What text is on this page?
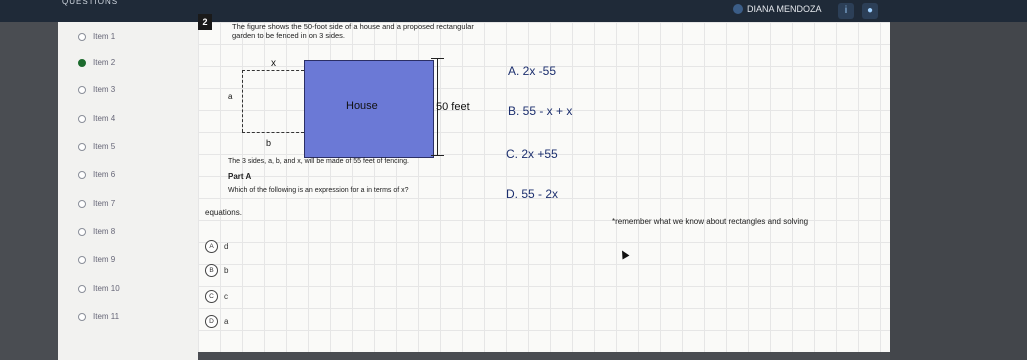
QUESTIONS
DIANA MENDOZA	i	●
Item 1
Item 2
Item 3
Item 4
Item 5
Item 6
Item 7
Item 8
Item 9
Item 10
Item 11
2	The figure shows the 50-foot side of a house and a proposed rectangular garden to be fenced in on 3 sides.
x
a
b
House	50 feet
The 3 sides, a, b, and x, will be made of 55 feet of fencing.
Part A
Which of the following is an expression for a in terms of x?
A. 2x -55
B. 55 - x + x
C. 2x +55
D. 55 - 2x
equations.
*remember what we know about rectangles and solving
A	d
B	b
C	c
D	a
